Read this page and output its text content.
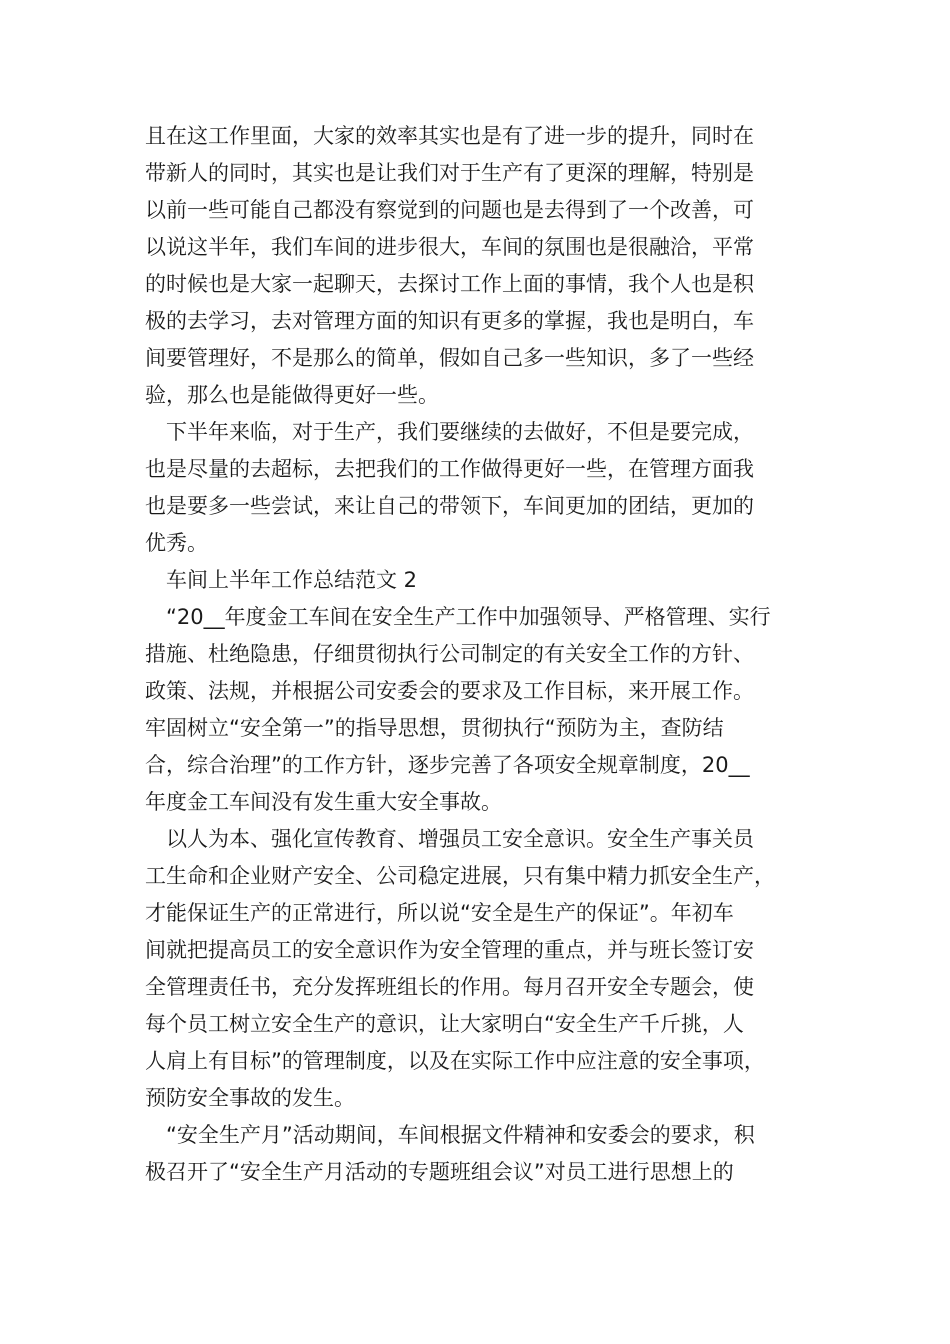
且在这工作里面，大家的效率其实也是有了进一步的提升，同时在
带新人的同时，其实也是让我们对于生产有了更深的理解，特别是
以前一些可能自己都没有察觉到的问题也是去得到了一个改善，可
以说这半年，我们车间的进步很大，车间的氛围也是很融洽，平常
的时候也是大家一起聊天，去探讨工作上面的事情，我个人也是积
极的去学习，去对管理方面的知识有更多的掌握，我也是明白，车
间要管理好，不是那么的简单，假如自己多一些知识，多了一些经
验，那么也是能做得更好一些。
　下半年来临，对于生产，我们要继续的去做好，不但是要完成，
也是尽量的去超标，去把我们的工作做得更好一些，在管理方面我
也是要多一些尝试，来让自己的带领下，车间更加的团结，更加的
优秀。
　车间上半年工作总结范文 2
　“20__年度金工车间在安全生产工作中加强领导、严格管理、实行
措施、杜绝隐患，仔细贯彻执行公司制定的有关安全工作的方针、
政策、法规，并根据公司安委会的要求及工作目标，来开展工作。
牢固树立“安全第一”的指导思想，贯彻执行“预防为主，查防结
合，综合治理”的工作方针，逐步完善了各项安全规章制度，20__
年度金工车间没有发生重大安全事故。
　以人为本、强化宣传教育、增强员工安全意识。安全生产事关员
工生命和企业财产安全、公司稳定进展，只有集中精力抓安全生产，
才能保证生产的正常进行，所以说“安全是生产的保证”。年初车
间就把提高员工的安全意识作为安全管理的重点，并与班长签订安
全管理责任书，充分发挥班组长的作用。每月召开安全专题会，使
每个员工树立安全生产的意识，让大家明白“安全生产千斤挑，人
人肩上有目标”的管理制度，以及在实际工作中应注意的安全事项，
预防安全事故的发生。
　“安全生产月”活动期间，车间根据文件精神和安委会的要求，积
极召开了“安全生产月活动的专题班组会议”对员工进行思想上的
